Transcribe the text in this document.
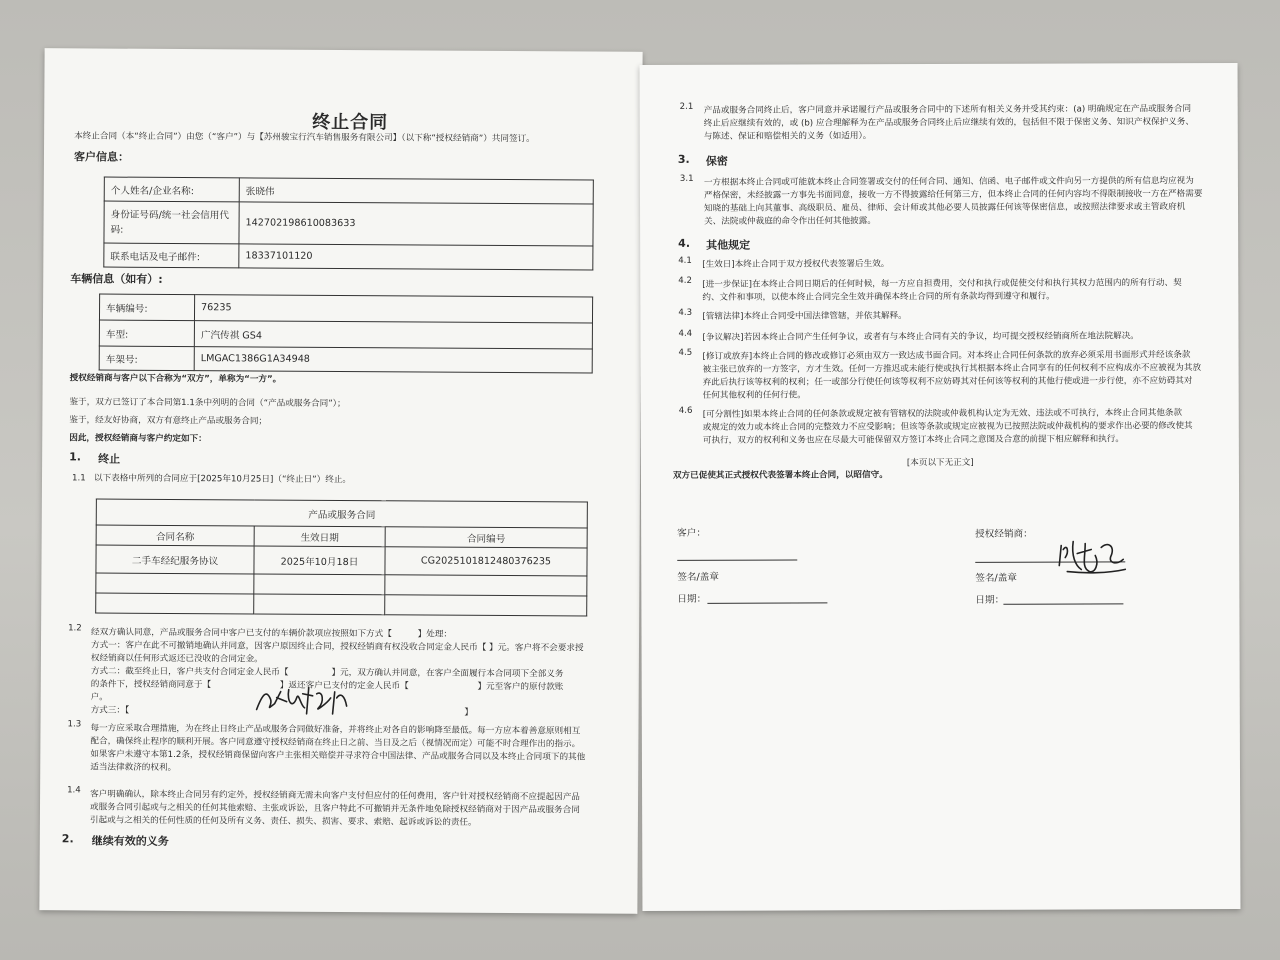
终止合同
本终止合同（本“终止合同”）由您（“客户”）与【苏州骏宝行汽车销售服务有限公司】（以下称“授权经销商”）共同签订。
客户信息：
个人姓名/企业名称:	张晓伟
身份证号码/统一社会信用代码:	142702198610083633
联系电话及电子邮件:	18337101120
车辆信息（如有）:
车辆编号:	76235
车型:	广汽传祺 GS4
车架号:	LMGAC1386G1A34948
授权经销商与客户以下合称为“双方”，单称为“一方”。
鉴于，双方已签订了本合同第1.1条中列明的合同（“产品或服务合同”）；
鉴于，经友好协商，双方有意终止产品或服务合同；
因此，授权经销商与客户约定如下：
1. 终止
1.1 以下表格中所列的合同应于[2025年10月25日]（“终止日”）终止。
产品或服务合同		
合同名称	生效日期	合同编号
二手车经纪服务协议	2025年10月18日	CG2025101812480376235

1.2 经双方确认同意，产品或服务合同中客户已支付的车辆价款项应按照如下方式【　　　】处理：
方式一：客户在此不可撤销地确认并同意，因客户原因终止合同，授权经销商有权没收合同定金人民币【 】元。客户将不会要求授
权经销商以任何形式返还已没收的合同定金。
方式二：截至终止日，客户共支付合同定金人民币【　　　　　】元，双方确认并同意，在客户全面履行本合同项下全部义务
的条件下，授权经销商同意于【　　　　　　　　】返还客户已支付的定金人民币【　　　　　　　　】元至客户的原付款账
户。
方式三：【　　　　　　　　　　　　　　　　　　　　　　　　　　　　　　　　　　　　　　　】
1.3 每一方应采取合理措施，为在终止日终止产品或服务合同做好准备，并将终止对各自的影响降至最低。每一方应本着善意原则相互
配合，确保终止程序的顺利开展。客户同意遵守授权经销商在终止日之前、当日及之后（视情况而定）可能不时合理作出的指示。
如果客户未遵守本第1.2条，授权经销商保留向客户主张相关赔偿并寻求符合中国法律、产品或服务合同以及本终止合同项下的其他
适当法律救济的权利。
1.4 客户明确确认，除本终止合同另有约定外，授权经销商无需未向客户支付但应付的任何费用，客户针对授权经销商不应提起因产品
或服务合同引起或与之相关的任何其他索赔、主张或诉讼，且客户特此不可撤销并无条件地免除授权经销商对于因产品或服务合同
引起或与之相关的任何性质的任何及所有义务、责任、损失、损害、要求、索赔、起诉或诉讼的责任。
2. 继续有效的义务
2.1 产品或服务合同终止后，客户同意并承诺履行产品或服务合同中的下述所有相关义务并受其约束：(a) 明确规定在产品或服务合同
终止后应继续有效的，或 (b) 应合理解释为在产品或服务合同终止后应继续有效的，包括但不限于保密义务、知识产权保护义务、
与陈述、保证和赔偿相关的义务（如适用）。
3. 保密
3.1 一方根据本终止合同或可能就本终止合同签署或交付的任何合同、通知、信函、电子邮件或文件向另一方提供的所有信息均应视为
严格保密，未经披露一方事先书面同意，接收一方不得披露给任何第三方，但本终止合同的任何内容均不得限制接收一方在严格需要
知晓的基础上向其董事、高级职员、雇员、律师、会计师或其他必要人员披露任何该等保密信息，或按照法律要求或主管政府机
关、法院或仲裁庭的命令作出任何其他披露。
4. 其他规定
4.1 [生效日]本终止合同于双方授权代表签署后生效。
4.2 [进一步保证]在本终止合同日期后的任何时候，每一方应自担费用，交付和执行或促使交付和执行其权力范围内的所有行动、契
约、文件和事项，以使本终止合同完全生效并确保本终止合同的所有条款均得到遵守和履行。
4.3 [管辖法律]本终止合同受中国法律管辖，并依其解释。
4.4 [争议解决]若因本终止合同产生任何争议，或者有与本终止合同有关的争议，均可提交授权经销商所在地法院解决。
4.5 [修订或放弃]本终止合同的修改或修订必须由双方一致达成书面合同。对本终止合同任何条款的放弃必须采用书面形式并经该条款
被主张已放弃的一方签字，方才生效。任何一方推迟或未能行使或执行其根据本终止合同享有的任何权利不应构成亦不应被视为其放
弃此后执行该等权利的权利；任一或部分行使任何该等权利不应妨碍其对任何该等权利的其他行使或进一步行使，亦不应妨碍其对
任何其他权利的任何行使。
4.6 [可分割性]如果本终止合同的任何条款或规定被有管辖权的法院或仲裁机构认定为无效、违法或不可执行，本终止合同其他条款
或规定的效力或本终止合同的完整效力不应受影响；但该等条款或规定应被视为已按照法院或仲裁机构的要求作出必要的修改使其
可执行，双方的权利和义务也应在尽最大可能保留双方签订本终止合同之意图及合意的前提下相应解释和执行。
[本页以下无正文]
双方已促使其正式授权代表签署本终止合同，以昭信守。
客户：
签名/盖章
日期：
授权经销商：
签名/盖章
日期：
